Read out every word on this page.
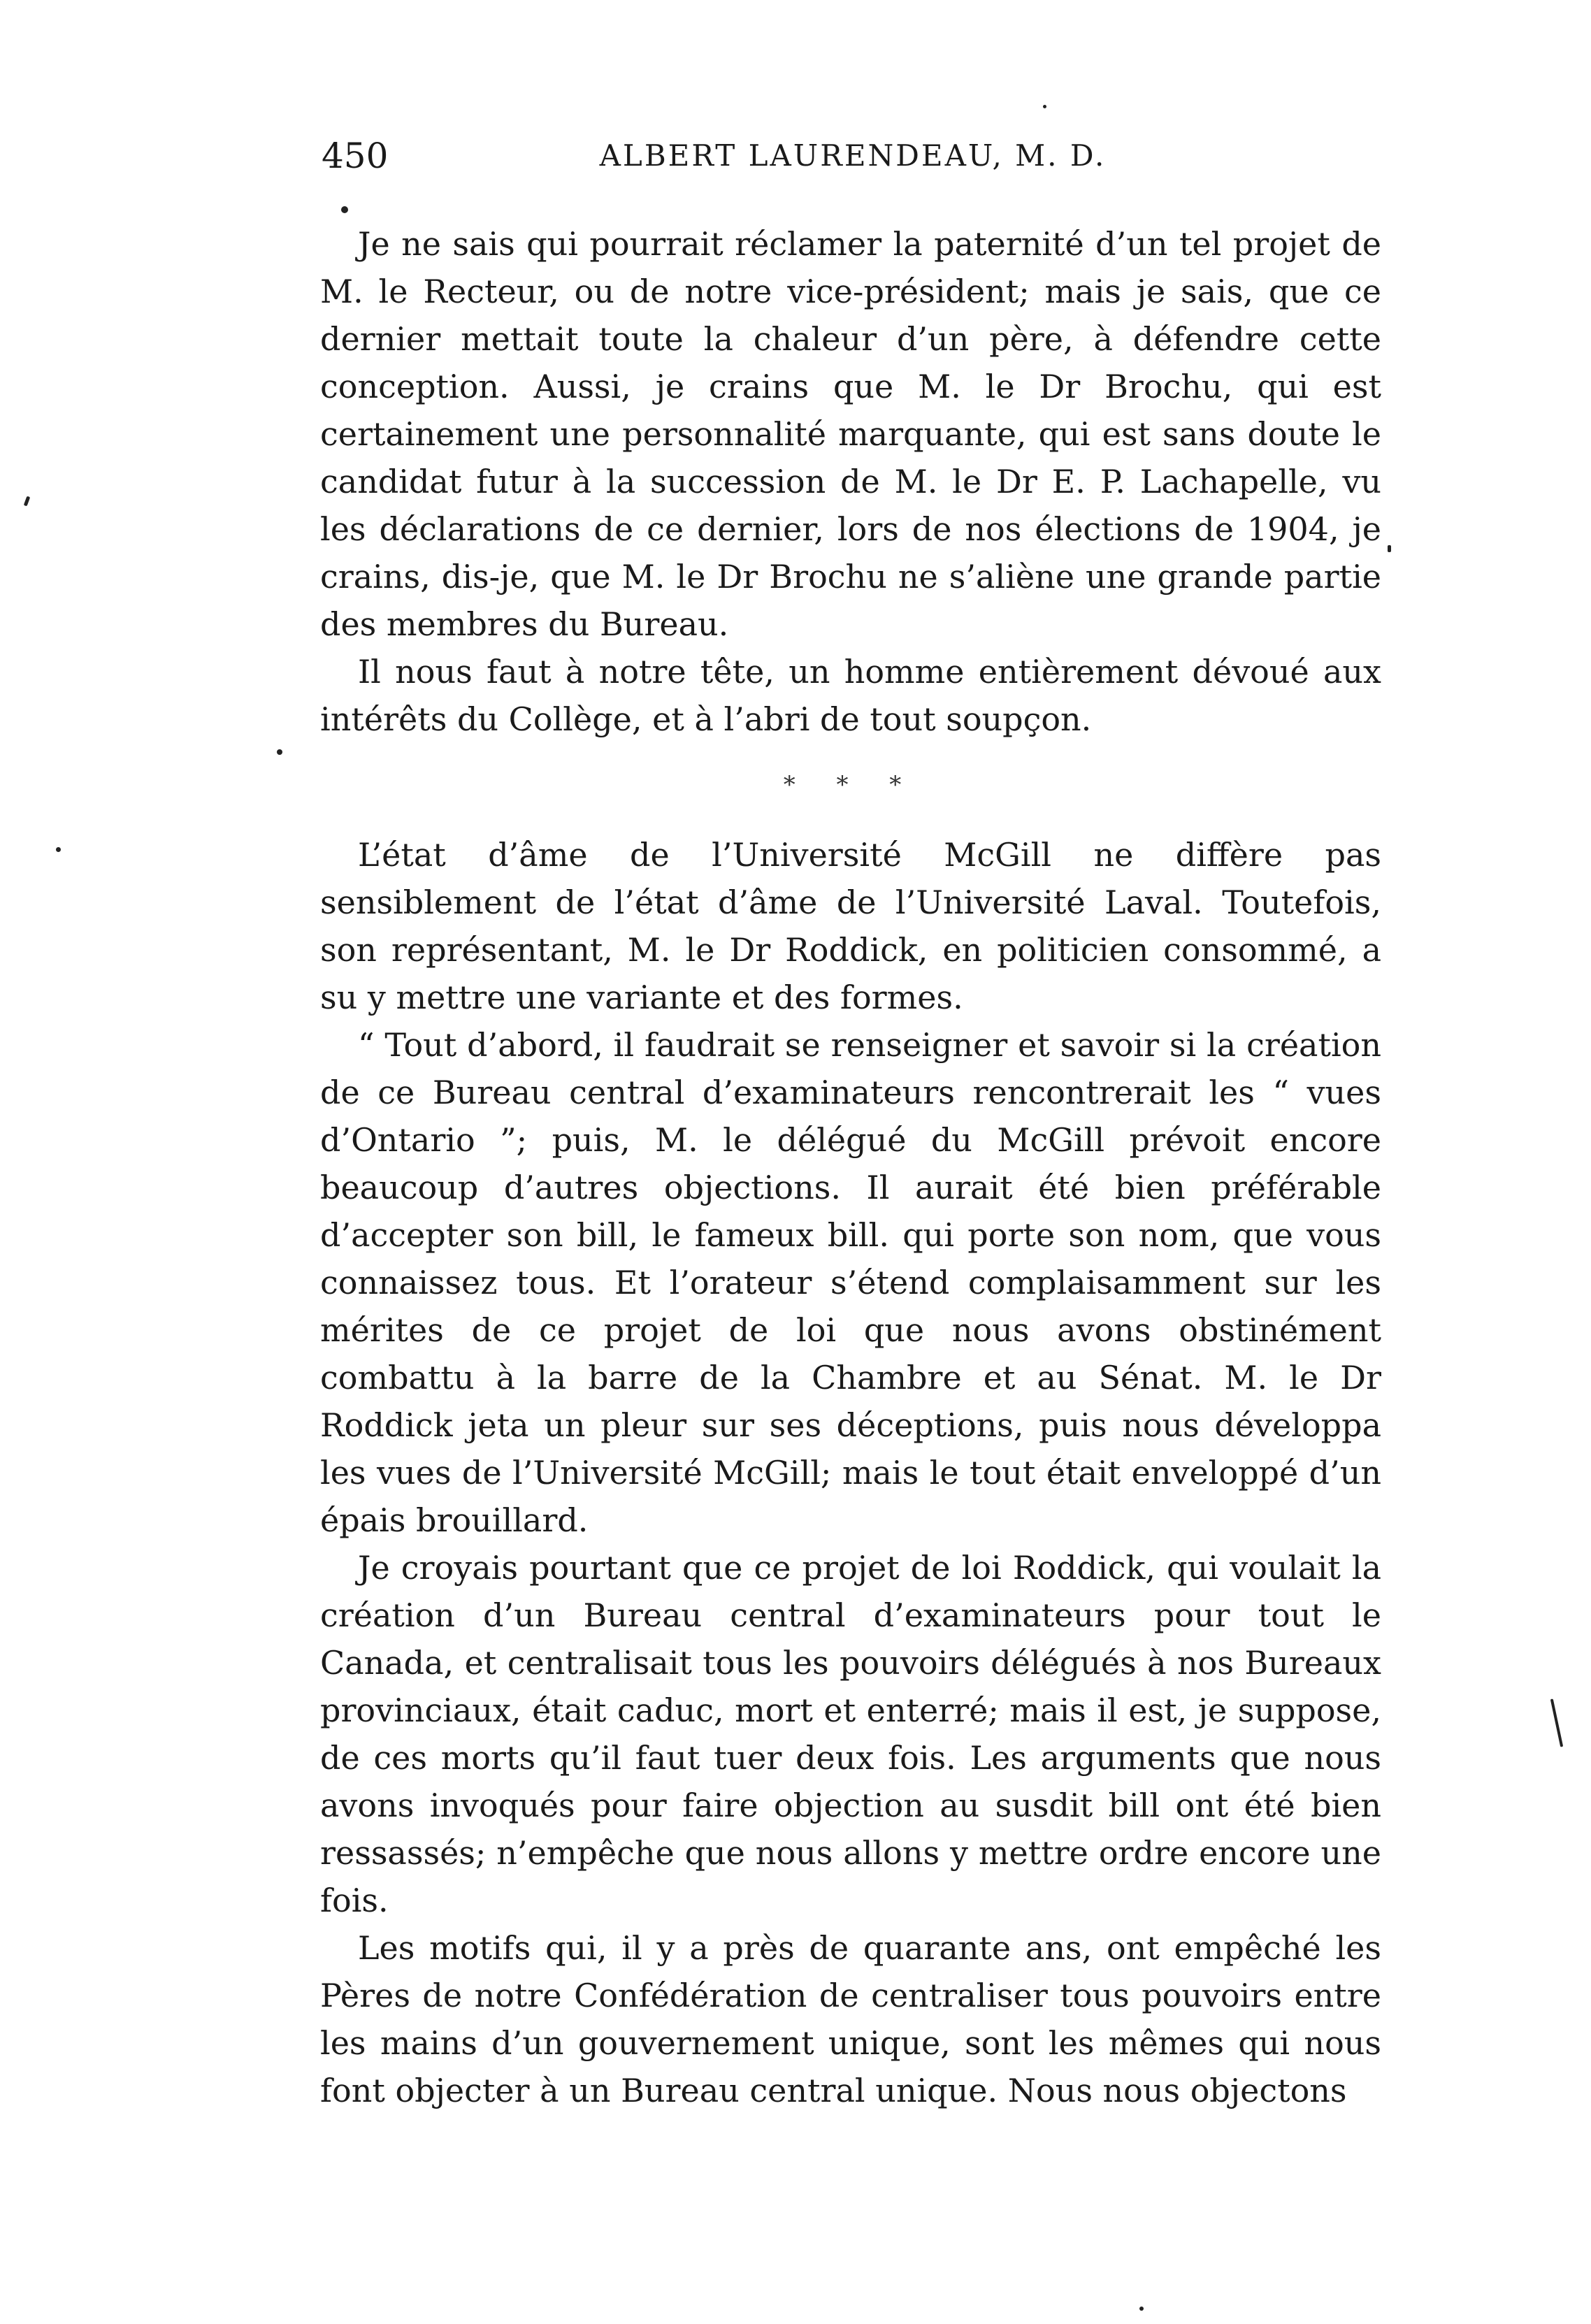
450	ALBERT LAURENDEAU, M. D.

Je ne sais qui pourrait réclamer la paternité d’un tel projet de M. le Recteur, ou de notre vice-président; mais je sais, que ce dernier mettait toute la chaleur d’un père, à défendre cette conception. Aussi, je crains que M. le Dr Brochu, qui est certainement une personnalité marquante, qui est sans doute le candidat futur à la succession de M. le Dr E. P. Lachapelle, vu les déclarations de ce dernier, lors de nos élections de 1904, je crains, dis-je, que M. le Dr Brochu ne s’aliène une grande partie des membres du Bureau.

Il nous faut à notre tête, un homme entièrement dévoué aux intérêts du Collège, et à l’abri de tout soupçon.

* * *

L’état d’âme de l’Université McGill ne diffère pas sensiblement de l’état d’âme de l’Université Laval. Toutefois, son représentant, M. le Dr Roddick, en politicien consommé, a su y mettre une variante et des formes.

“ Tout d’abord, il faudrait se renseigner et savoir si la création de ce Bureau central d’examinateurs rencontrerait les “ vues d’Ontario ”; puis, M. le délégué du McGill prévoit encore beaucoup d’autres objections. Il aurait été bien préférable d’accepter son bill, le fameux bill. qui porte son nom, que vous connaissez tous. Et l’orateur s’étend complaisamment sur les mérites de ce projet de loi que nous avons obstinément combattu à la barre de la Chambre et au Sénat. M. le Dr Roddick jeta un pleur sur ses déceptions, puis nous développa les vues de l’Université McGill; mais le tout était enveloppé d’un épais brouillard.

Je croyais pourtant que ce projet de loi Roddick, qui voulait la création d’un Bureau central d’examinateurs pour tout le Canada, et centralisait tous les pouvoirs délégués à nos Bureaux provinciaux, était caduc, mort et enterré; mais il est, je suppose, de ces morts qu’il faut tuer deux fois. Les arguments que nous avons invoqués pour faire objection au susdit bill ont été bien ressassés; n’empêche que nous allons y mettre ordre encore une fois.

Les motifs qui, il y a près de quarante ans, ont empêché les Pères de notre Confédération de centraliser tous pouvoirs entre les mains d’un gouvernement unique, sont les mêmes qui nous font objecter à un Bureau central unique. Nous nous objectons
